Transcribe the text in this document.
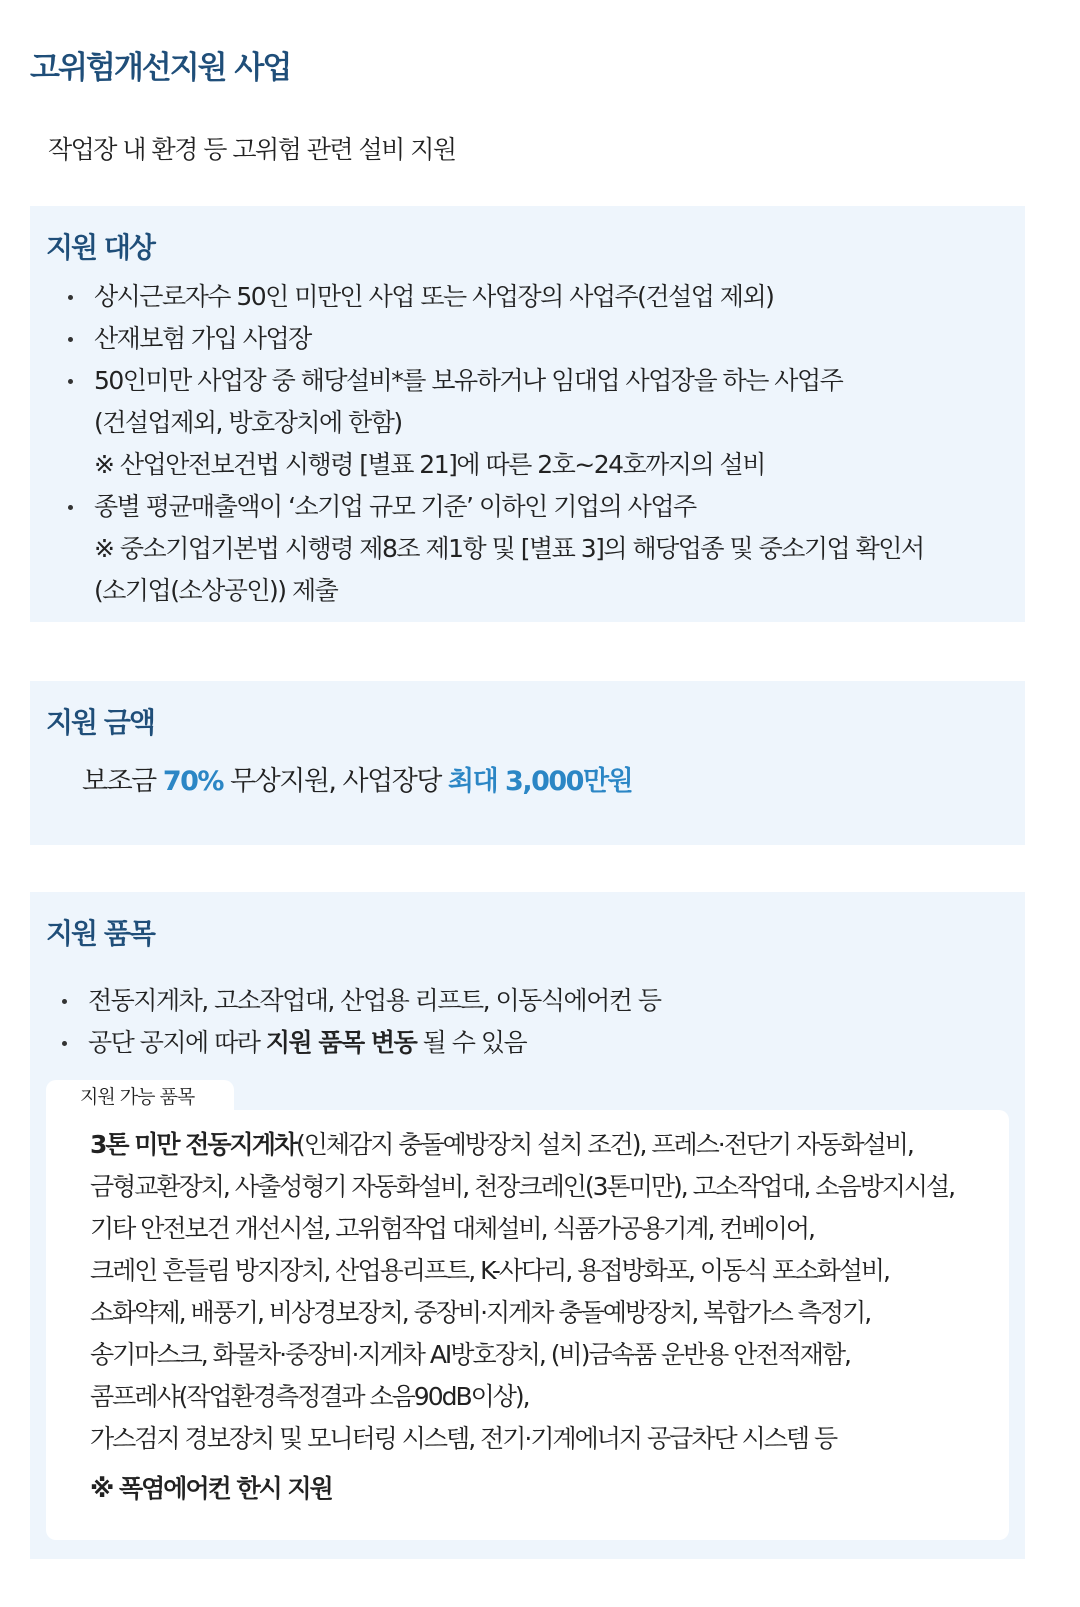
고위험개선지원 사업
작업장 내 환경 등 고위험 관련 설비 지원
지원 대상
상시근로자수 50인 미만인 사업 또는 사업장의 사업주(건설업 제외)
산재보험 가입 사업장
50인미만 사업장 중 해당설비*를 보유하거나 임대업 사업장을 하는 사업주
(건설업제외, 방호장치에 한함)
※ 산업안전보건법 시행령 [별표 21]에 따른 2호~24호까지의 설비
종별 평균매출액이 ‘소기업 규모 기준’ 이하인 기업의 사업주
※ 중소기업기본법 시행령 제8조 제1항 및 [별표 3]의 해당업종 및 중소기업 확인서
(소기업(소상공인)) 제출
지원 금액
보조금 70% 무상지원, 사업장당 최대 3,000만원
지원 품목
전동지게차, 고소작업대, 산업용 리프트, 이동식에어컨 등
공단 공지에 따라 지원 품목 변동 될 수 있음
지원 가능 품목
3톤 미만 전동지게차(인체감지 충돌예방장치 설치 조건), 프레스·전단기 자동화설비,
금형교환장치, 사출성형기 자동화설비, 천장크레인(3톤미만), 고소작업대, 소음방지시설,
기타 안전보건 개선시설, 고위험작업 대체설비, 식품가공용기계, 컨베이어,
크레인 흔들림 방지장치, 산업용리프트, K-사다리, 용접방화포, 이동식 포소화설비,
소화약제, 배풍기, 비상경보장치, 중장비·지게차 충돌예방장치, 복합가스 측정기,
송기마스크, 화물차·중장비·지게차 AI방호장치, (비)금속품 운반용 안전적재함,
콤프레샤(작업환경측정결과 소음90dB이상),
가스검지 경보장치 및 모니터링 시스템, 전기·기계에너지 공급차단 시스템 등
※ 폭염에어컨 한시 지원
